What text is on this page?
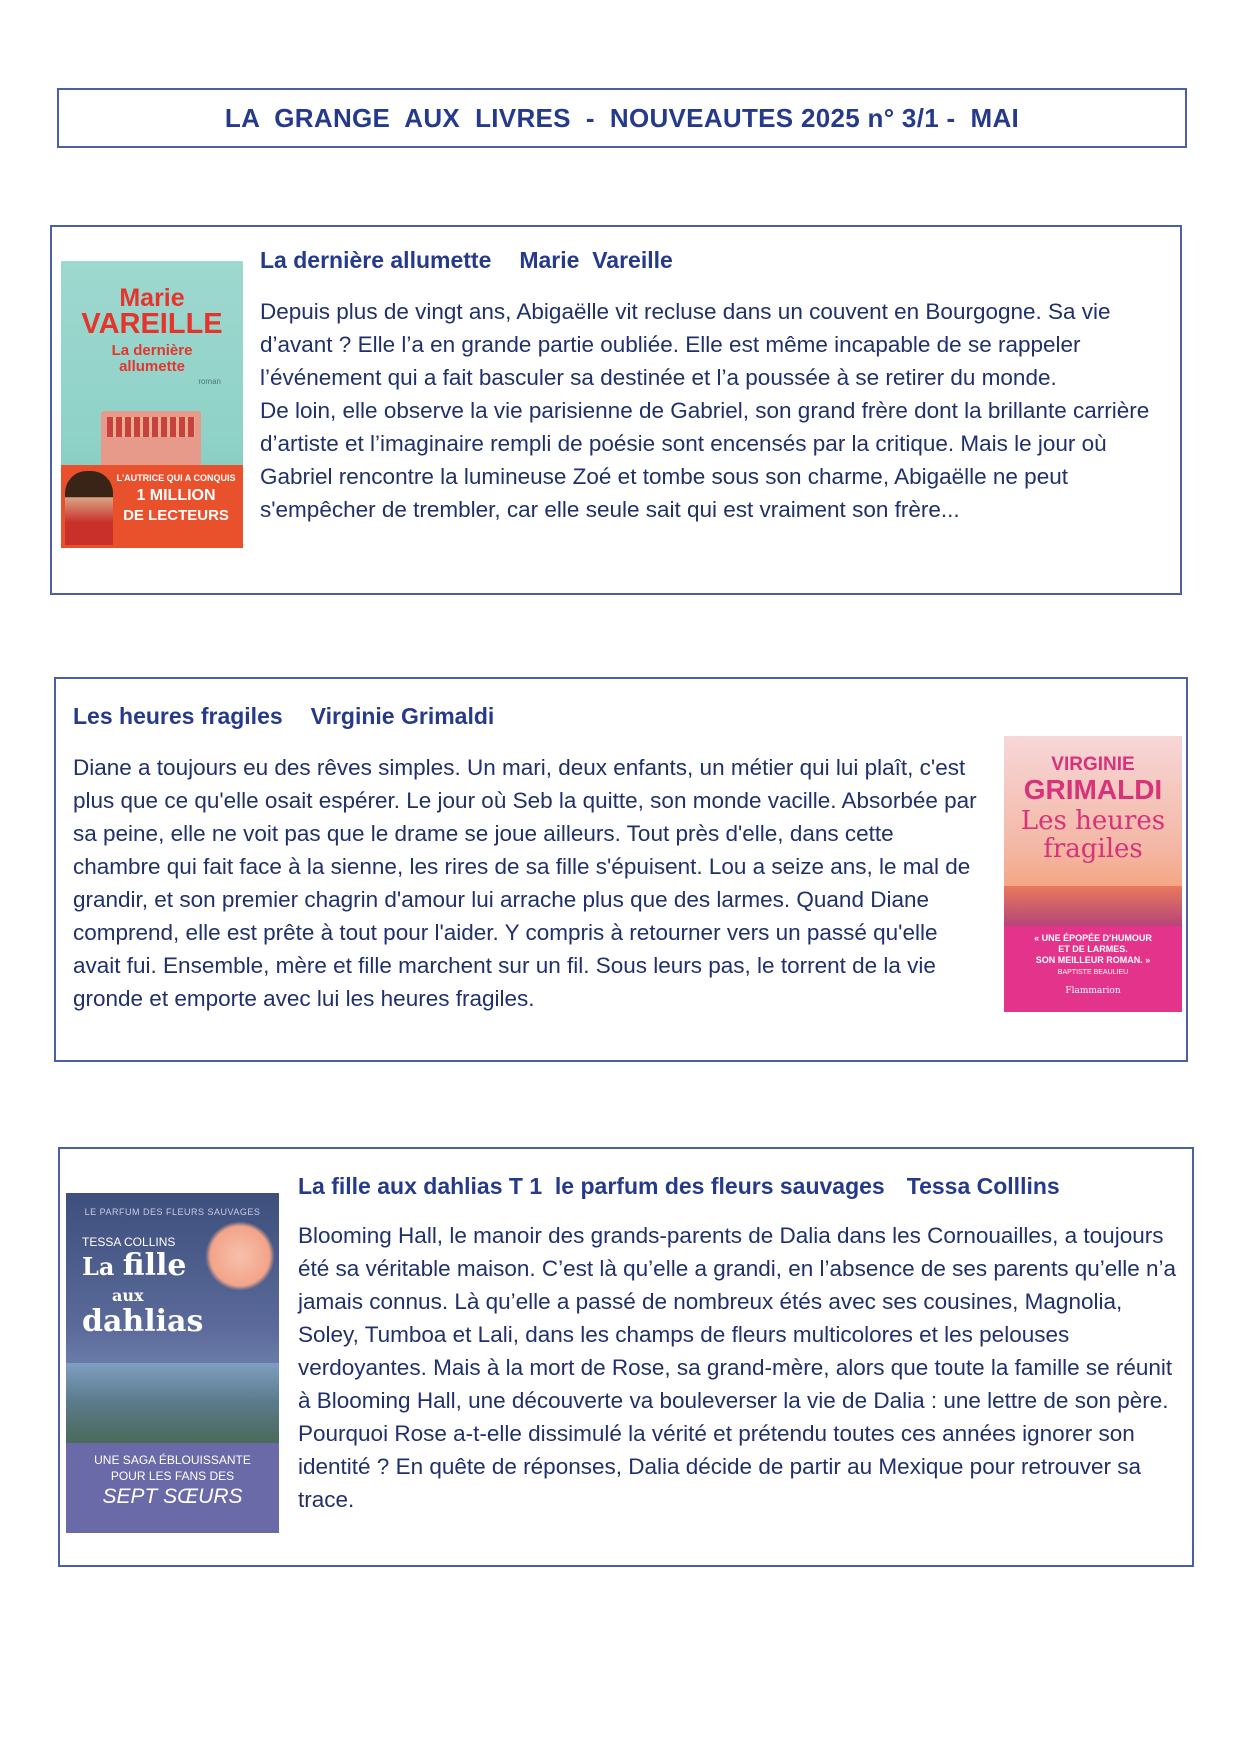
LA  GRANGE  AUX  LIVRES  -  NOUVEAUTES 2025 n° 3/1 -  MAI
Marie
VAREILLE
La dernière
allumette
roman
L'AUTRICE QUI A CONQUIS
1 MILLION
DE LECTEURS
La dernière allumette Marie  Vareille

Depuis plus de vingt ans, Abigaëlle vit recluse dans un couvent en Bourgogne. Sa vie d’avant ? Elle l’a en grande partie oubliée. Elle est même incapable de se rappeler l’événement qui a fait basculer sa destinée et l’a poussée à se retirer du monde.

De loin, elle observe la vie parisienne de Gabriel, son grand frère dont la brillante carrière d’artiste et l’imaginaire rempli de poésie sont encensés par la critique. Mais le jour où Gabriel rencontre la lumineuse Zoé et tombe sous son charme, Abigaëlle ne peut s'empêcher de trembler, car elle seule sait qui est vraiment son frère...

Les heures fragiles Virginie Grimaldi

Diane a toujours eu des rêves simples. Un mari, deux enfants, un métier qui lui plaît, c'est plus que ce qu'elle osait espérer. Le jour où Seb la quitte, son monde vacille. Absorbée par sa peine, elle ne voit pas que le drame se joue ailleurs. Tout près d'elle, dans cette chambre qui fait face à la sienne, les rires de sa fille s'épuisent. Lou a seize ans, le mal de grandir, et son premier chagrin d'amour lui arrache plus que des larmes. Quand Diane comprend, elle est prête à tout pour l'aider. Y compris à retourner vers un passé qu'elle avait fui. Ensemble, mère et fille marchent sur un fil. Sous leurs pas, le torrent de la vie gronde et emporte avec lui les heures fragiles.

VIRGINIE
GRIMALDI
Les heures
fragiles
« UNE ÉPOPÉE D'HUMOUR
ET DE LARMES.
SON MEILLEUR ROMAN. »
BAPTISTE BEAULIEU
Flammarion
LE PARFUM DES FLEURS SAUVAGES
TESSA COLLINS
La fille
aux
dahlias
UNE SAGA ÉBLOUISSANTE
POUR LES FANS DES
SEPT SŒURS
La fille aux dahlias T 1  le parfum des fleurs sauvages Tessa Colllins

Blooming Hall, le manoir des grands-parents de Dalia dans les Cornouailles, a toujours été sa véritable maison. C’est là qu’elle a grandi, en l’absence de ses parents qu’elle n’a jamais connus. Là qu’elle a passé de nombreux étés avec ses cousines, Magnolia, Soley, Tumboa et Lali, dans les champs de fleurs multicolores et les pelouses verdoyantes. Mais à la mort de Rose, sa grand-mère, alors que toute la famille se réunit à Blooming Hall, une découverte va bouleverser la vie de Dalia : une lettre de son père. Pourquoi Rose a-t-elle dissimulé la vérité et prétendu toutes ces années ignorer son identité ? En quête de réponses, Dalia décide de partir au Mexique pour retrouver sa trace.
